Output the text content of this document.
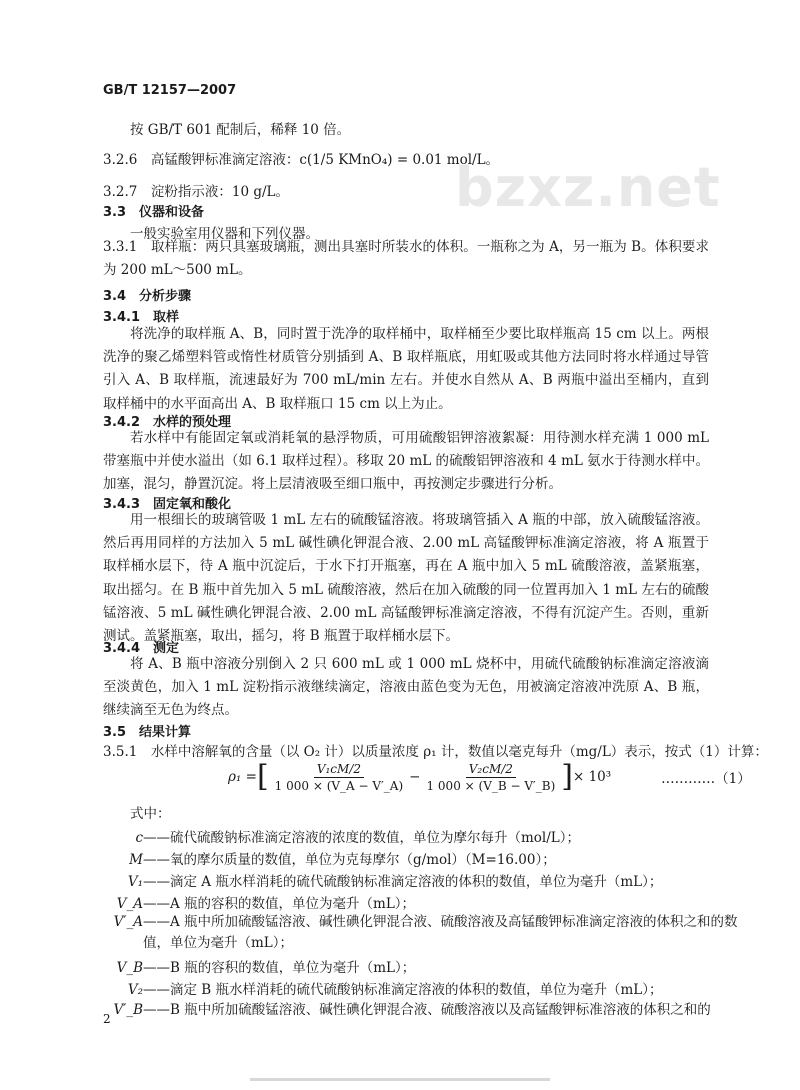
GB/T 12157—2007
bzxz.net
按 GB/T 601 配制后，稀释 10 倍。
3.2.6　高锰酸钾标准滴定溶液：c(1/5 KMnO₄) = 0.01 mol/L。
3.2.7　淀粉指示液：10 g/L。
3.3　仪器和设备
一般实验室用仪器和下列仪器。
3.3.1　取样瓶：两只具塞玻璃瓶，测出具塞时所装水的体积。一瓶称之为 A，另一瓶为 B。体积要求为 200 mL～500 mL。
3.4　分析步骤
3.4.1　取样
将洗净的取样瓶 A、B，同时置于洗净的取样桶中，取样桶至少要比取样瓶高 15 cm 以上。两根洗净的聚乙烯塑料管或惰性材质管分别插到 A、B 取样瓶底，用虹吸或其他方法同时将水样通过导管引入 A、B 取样瓶，流速最好为 700 mL/min 左右。并使水自然从 A、B 两瓶中溢出至桶内，直到取样桶中的水平面高出 A、B 取样瓶口 15 cm 以上为止。
3.4.2　水样的预处理
若水样中有能固定氧或消耗氧的悬浮物质，可用硫酸铝钾溶液絮凝：用待测水样充满 1 000 mL 带塞瓶中并使水溢出（如 6.1 取样过程）。移取 20 mL 的硫酸铝钾溶液和 4 mL 氨水于待测水样中。加塞，混匀，静置沉淀。将上层清液吸至细口瓶中，再按测定步骤进行分析。
3.4.3　固定氧和酸化
用一根细长的玻璃管吸 1 mL 左右的硫酸锰溶液。将玻璃管插入 A 瓶的中部，放入硫酸锰溶液。然后再用同样的方法加入 5 mL 碱性碘化钾混合液、2.00 mL 高锰酸钾标准滴定溶液，将 A 瓶置于取样桶水层下，待 A 瓶中沉淀后，于水下打开瓶塞，再在 A 瓶中加入 5 mL 硫酸溶液，盖紧瓶塞，取出摇匀。在 B 瓶中首先加入 5 mL 硫酸溶液，然后在加入硫酸的同一位置再加入 1 mL 左右的硫酸锰溶液、5 mL 碱性碘化钾混合液、2.00 mL 高锰酸钾标准滴定溶液，不得有沉淀产生。否则，重新测试。盖紧瓶塞，取出，摇匀，将 B 瓶置于取样桶水层下。
3.4.4　测定
将 A、B 瓶中溶液分别倒入 2 只 600 mL 或 1 000 mL 烧杯中，用硫代硫酸钠标准滴定溶液滴至淡黄色，加入 1 mL 淀粉指示液继续滴定，溶液由蓝色变为无色，用被滴定溶液冲洗原 A、B 瓶，继续滴至无色为终点。
3.5　结果计算
3.5.1　水样中溶解氧的含量（以 O₂ 计）以质量浓度 ρ₁ 计，数值以毫克每升（mg/L）表示，按式（1）计算：
ρ₁ = [ $\frac{\text{V₁cM/2}}{1 000 \times (V\_A - V'\_A)} - \frac{\text{V₂cM/2}}{1 000 \times (V\_B - V'\_B)}$ ] × 10³	…………（1）
式中：
c——硫代硫酸钠标准滴定溶液的浓度的数值，单位为摩尔每升（mol/L）；
M——氧的摩尔质量的数值，单位为克每摩尔（g/mol）（M=16.00）；
V₁——滴定 A 瓶水样消耗的硫代硫酸钠标准滴定溶液的体积的数值，单位为毫升（mL）；
V_A——A 瓶的容积的数值，单位为毫升（mL）；
V′_A——A 瓶中所加硫酸锰溶液、碱性碘化钾混合液、硫酸溶液及高锰酸钾标准滴定溶液的体积之和的数值，单位为毫升（mL）；
V_B——B 瓶的容积的数值，单位为毫升（mL）；
V₂——滴定 B 瓶水样消耗的硫代硫酸钠标准滴定溶液的体积的数值，单位为毫升（mL）；
V′_B——B 瓶中所加硫酸锰溶液、碱性碘化钾混合液、硫酸溶液以及高锰酸钾标准溶液的体积之和的
2
